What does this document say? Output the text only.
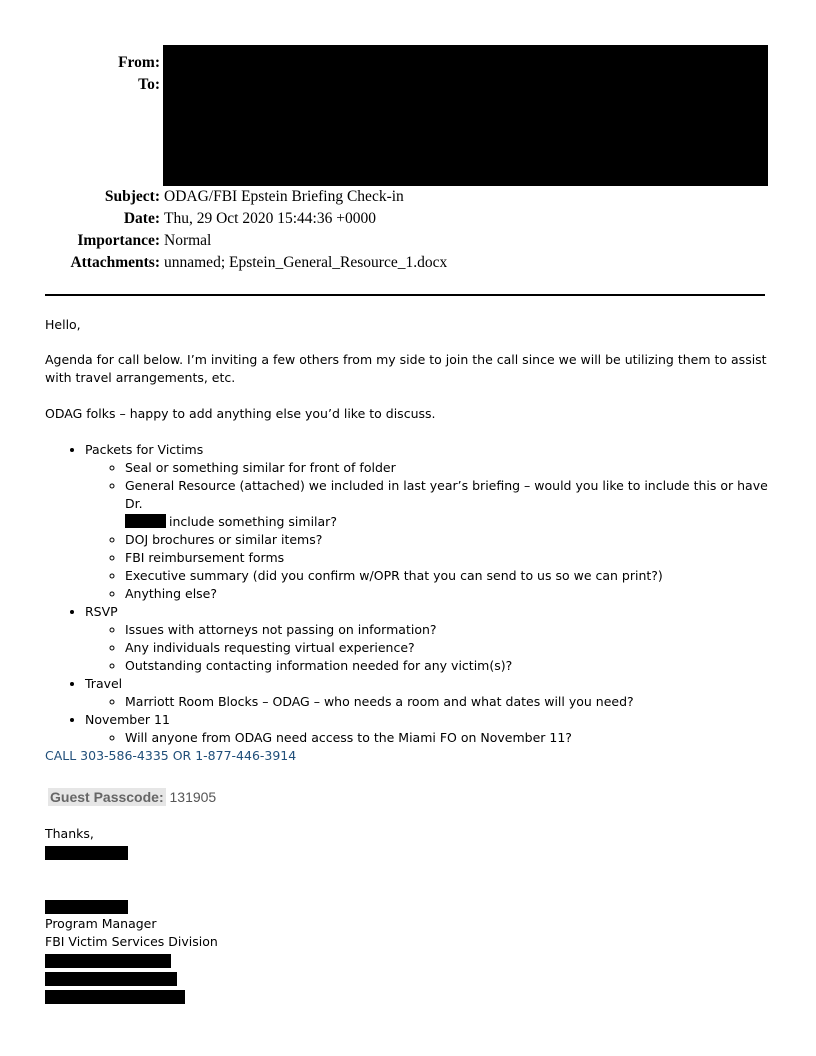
From:
To:
Subject: ODAG/FBI Epstein Briefing Check-in
Date: Thu, 29 Oct 2020 15:44:36 +0000
Importance: Normal
Attachments: unnamed; Epstein_General_Resource_1.docx
Hello,
Agenda for call below. I’m inviting a few others from my side to join the call since we will be utilizing them to assist with travel arrangements, etc.
ODAG folks – happy to add anything else you’d like to discuss.
• Packets for Victims
◦ Seal or something similar for front of folder
◦ General Resource (attached) we included in last year’s briefing – would you like to include this or have Dr.
include something similar?
◦ DOJ brochures or similar items?
◦ FBI reimbursement forms
◦ Executive summary (did you confirm w/OPR that you can send to us so we can print?)
◦ Anything else?
• RSVP
◦ Issues with attorneys not passing on information?
◦ Any individuals requesting virtual experience?
◦ Outstanding contacting information needed for any victim(s)?
• Travel
◦ Marriott Room Blocks – ODAG – who needs a room and what dates will you need?
• November 11
◦ Will anyone from ODAG need access to the Miami FO on November 11?
CALL 303-586-4335 OR 1-877-446-3914
Guest Passcode: 131905
Thanks,
Program Manager
FBI Victim Services Division
